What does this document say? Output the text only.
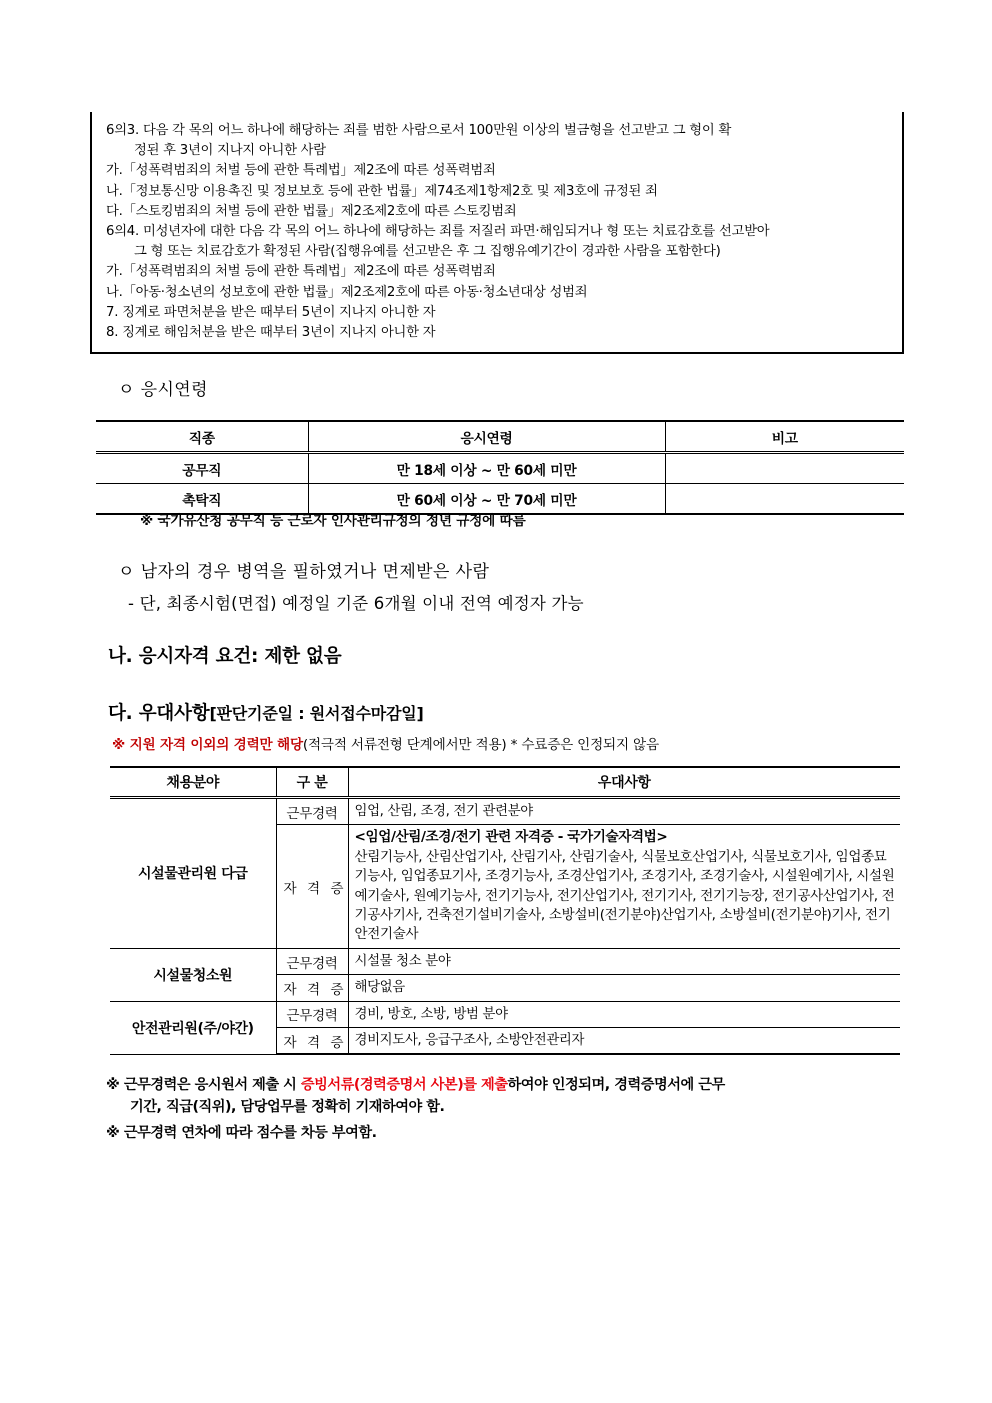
6의3. 다음 각 목의 어느 하나에 해당하는 죄를 범한 사람으로서 100만원 이상의 벌금형을 선고받고 그 형이 확
정된 후 3년이 지나지 아니한 사람
가.「성폭력범죄의 처벌 등에 관한 특례법」제2조에 따른 성폭력범죄
나.「정보통신망 이용촉진 및 정보보호 등에 관한 법률」제74조제1항제2호 및 제3호에 규정된 죄
다.「스토킹범죄의 처벌 등에 관한 법률」제2조제2호에 따른 스토킹범죄
6의4. 미성년자에 대한 다음 각 목의 어느 하나에 해당하는 죄를 저질러 파면·해임되거나 형 또는 치료감호를 선고받아
그 형 또는 치료감호가 확정된 사람(집행유예를 선고받은 후 그 집행유예기간이 경과한 사람을 포함한다)
가.「성폭력범죄의 처벌 등에 관한 특례법」제2조에 따른 성폭력범죄
나.「아동·청소년의 성보호에 관한 법률」제2조제2호에 따른 아동·청소년대상 성범죄
7. 징계로 파면처분을 받은 때부터 5년이 지나지 아니한 자
8. 징계로 해임처분을 받은 때부터 3년이 지나지 아니한 자
ㅇ 응시연령
직종	응시연령	비고
공무직	만 18세 이상 ~ 만 60세 미만	
촉탁직	만 60세 이상 ~ 만 70세 미만	
※ 국가유산청 공무직 등 근로자 인사관리규정의 정년 규정에 따름
ㅇ 남자의 경우 병역을 필하였거나 면제받은 사람
- 단, 최종시험(면접) 예정일 기준 6개월 이내 전역 예정자 가능
나. 응시자격 요건: 제한 없음
다. 우대사항[판단기준일 : 원서접수마감일]
※ 지원 자격 이외의 경력만 해당(적극적 서류전형 단계에서만 적용) * 수료증은 인정되지 않음
채용분야	구 분	우대사항
시설물관리원 다급	근무경력	임업, 산림, 조경, 전기 관련분야
	자 격 증	<임업/산림/조경/전기 관련 자격증 - 국가기술자격법>
산림기능사, 산림산업기사, 산림기사, 산림기술사, 식물보호산업기사, 식물보호기사, 임업종묘기능사, 임업종묘기사, 조경기능사, 조경산업기사, 조경기사, 조경기술사, 시설원예기사, 시설원예기술사, 원예기능사, 전기기능사, 전기산업기사, 전기기사, 전기기능장, 전기공사산업기사, 전기공사기사, 건축전기설비기술사, 소방설비(전기분야)산업기사, 소방설비(전기분야)기사, 전기안전기술사

시설물청소원	근무경력	시설물 청소 분야
	자 격 증	해당없음
안전관리원(주/야간)	근무경력	경비, 방호, 소방, 방범 분야
	자 격 증	경비지도사, 응급구조사, 소방안전관리자
※ 근무경력은 응시원서 제출 시 증빙서류(경력증명서 사본)를 제출하여야 인정되며, 경력증명서에 근무
기간, 직급(직위), 담당업무를 정확히 기재하여야 함.
※ 근무경력 연차에 따라 점수를 차등 부여함.
